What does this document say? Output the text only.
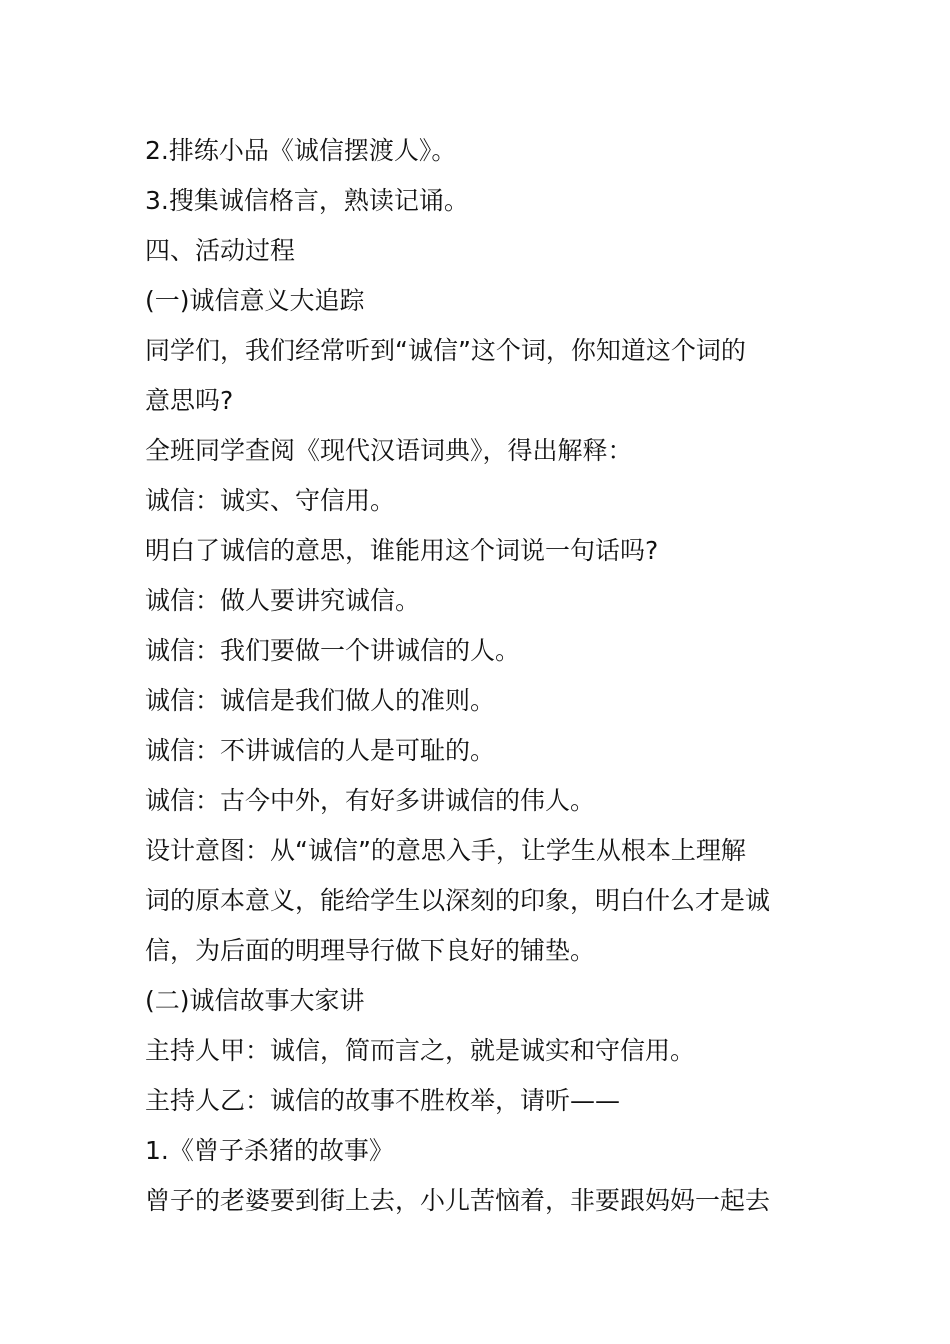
2.排练小品《诚信摆渡人》。
3.搜集诚信格言，熟读记诵。
四、活动过程
(一)诚信意义大追踪
同学们，我们经常听到“诚信”这个词，你知道这个词的
意思吗?
全班同学查阅《现代汉语词典》，得出解释：
诚信：诚实、守信用。
明白了诚信的意思，谁能用这个词说一句话吗?
诚信：做人要讲究诚信。
诚信：我们要做一个讲诚信的人。
诚信：诚信是我们做人的准则。
诚信：不讲诚信的人是可耻的。
诚信：古今中外，有好多讲诚信的伟人。
设计意图：从“诚信”的意思入手，让学生从根本上理解
词的原本意义，能给学生以深刻的印象，明白什么才是诚
信，为后面的明理导行做下良好的铺垫。
(二)诚信故事大家讲
主持人甲：诚信，简而言之，就是诚实和守信用。
主持人乙：诚信的故事不胜枚举，请听——
1.《曾子杀猪的故事》
曾子的老婆要到街上去，小儿苦恼着，非要跟妈妈一起去
